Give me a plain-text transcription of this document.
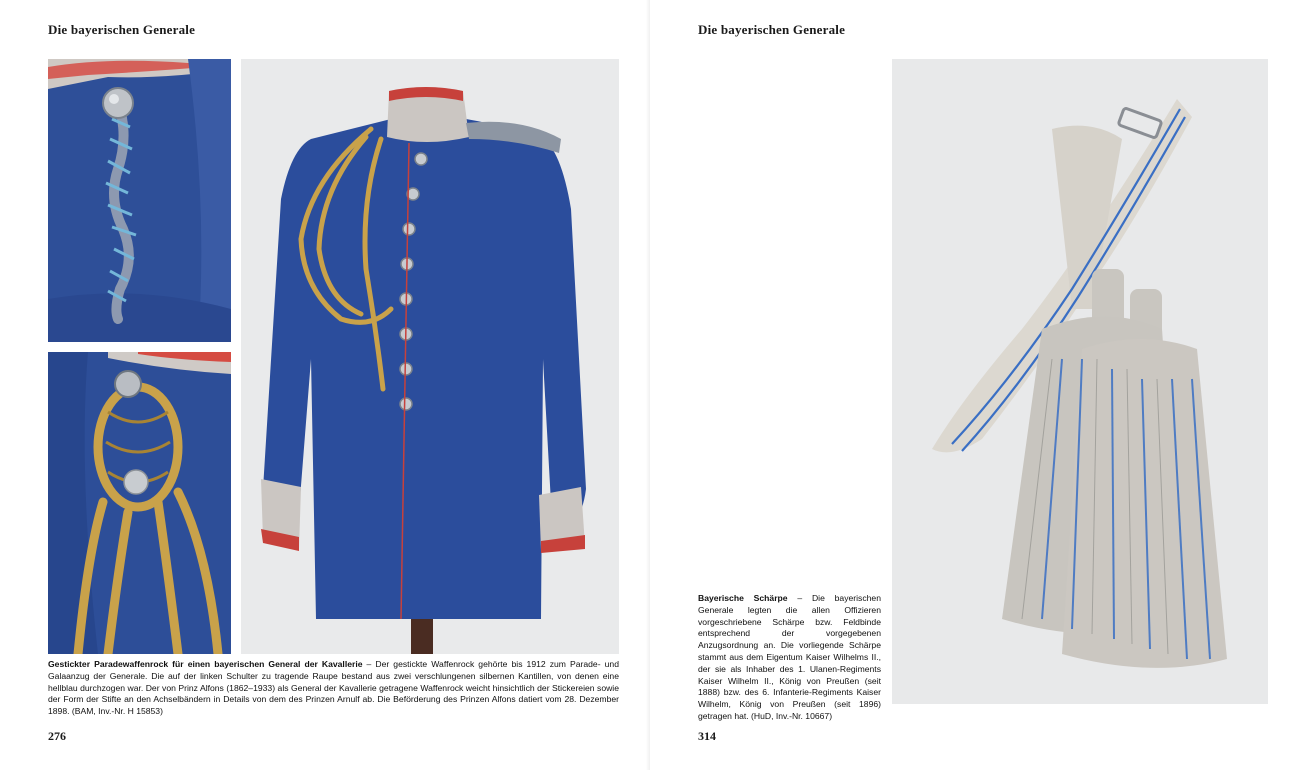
Die bayerischen Generale
Gestickter Paradewaffenrock für einen bayerischen General der Kavallerie – Der gestickte Waffenrock gehörte bis 1912 zum Parade- und Galaanzug der Generale. Die auf der linken Schulter zu tragende Raupe bestand aus zwei verschlungenen silbernen Kantillen, von denen eine hellblau durchzogen war. Der von Prinz Alfons (1862–1933) als General der Kavallerie getragene Waffenrock weicht hinsichtlich der Stickereien sowie der Form der Stifte an den Achselbändern in Details von dem des Prinzen Arnulf ab. Die Beförderung des Prinzen Alfons datiert vom 28. Dezember 1898. (BAM, Inv.-Nr. H 15853)
276
Die bayerischen Generale
Bayerische Schärpe – Die bayerischen Generale legten die allen Offizieren vorgeschriebene Schärpe bzw. Feldbinde entsprechend der vorgegebenen Anzugsordnung an. Die vorliegende Schärpe stammt aus dem Eigentum Kaiser Wilhelms II., der sie als Inhaber des 1. Ulanen-Regiments Kaiser Wilhelm II., König von Preußen (seit 1888) bzw. des 6. Infanterie-Regiments Kaiser Wilhelm, König von Preußen (seit 1896) getragen hat. (HuD, Inv.-Nr. 10667)
314
